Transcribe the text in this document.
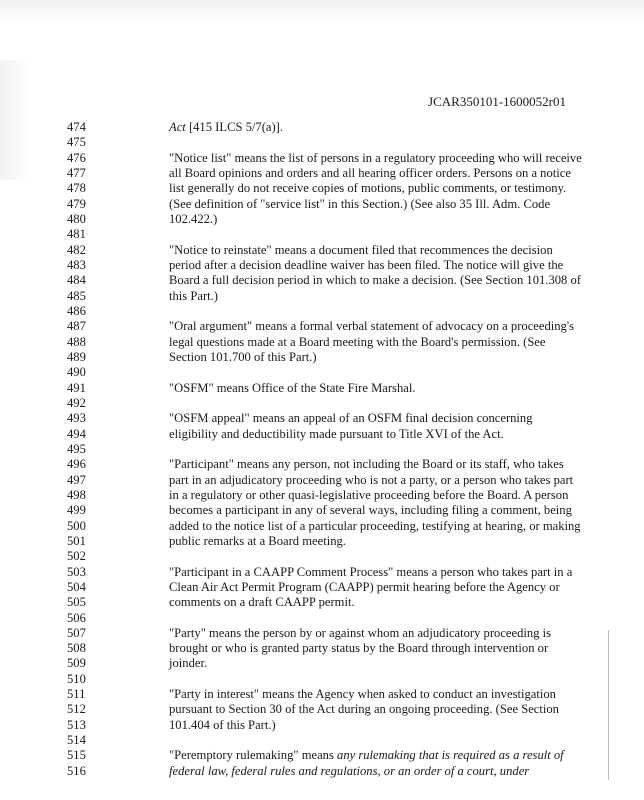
JCAR350101-1600052r01
474	Act [415 ILCS 5/7(a)].
475
476	"Notice list" means the list of persons in a regulatory proceeding who will receive
477	all Board opinions and orders and all hearing officer orders. Persons on a notice
478	list generally do not receive copies of motions, public comments, or testimony.
479	(See definition of "service list" in this Section.) (See also 35 Ill. Adm. Code
480	102.422.)
481
482	"Notice to reinstate" means a document filed that recommences the decision
483	period after a decision deadline waiver has been filed. The notice will give the
484	Board a full decision period in which to make a decision. (See Section 101.308 of
485	this Part.)
486
487	"Oral argument" means a formal verbal statement of advocacy on a proceeding's
488	legal questions made at a Board meeting with the Board's permission. (See
489	Section 101.700 of this Part.)
490
491	"OSFM" means Office of the State Fire Marshal.
492
493	"OSFM appeal" means an appeal of an OSFM final decision concerning
494	eligibility and deductibility made pursuant to Title XVI of the Act.
495
496	"Participant" means any person, not including the Board or its staff, who takes
497	part in an adjudicatory proceeding who is not a party, or a person who takes part
498	in a regulatory or other quasi-legislative proceeding before the Board. A person
499	becomes a participant in any of several ways, including filing a comment, being
500	added to the notice list of a particular proceeding, testifying at hearing, or making
501	public remarks at a Board meeting.
502
503	"Participant in a CAAPP Comment Process" means a person who takes part in a
504	Clean Air Act Permit Program (CAAPP) permit hearing before the Agency or
505	comments on a draft CAAPP permit.
506
507	"Party" means the person by or against whom an adjudicatory proceeding is
508	brought or who is granted party status by the Board through intervention or
509	joinder.
510
511	"Party in interest" means the Agency when asked to conduct an investigation
512	pursuant to Section 30 of the Act during an ongoing proceeding. (See Section
513	101.404 of this Part.)
514
515	"Peremptory rulemaking" means any rulemaking that is required as a result of
516	federal law, federal rules and regulations, or an order of a court, under
